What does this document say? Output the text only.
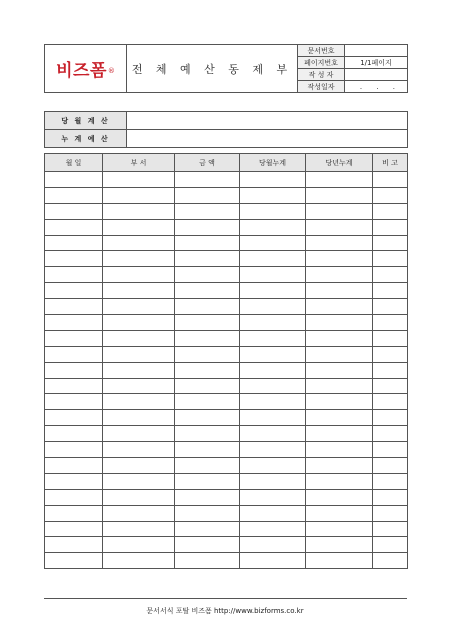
비즈폼®	전 체 예 산 동 제 부	문서번호	
		페이지번호	1/1페이지
		작 성 자	
		작성일자	. . .
당 월 계 산	
누 계 예 산	
월 일	부 서	금 액	당월누계	당년누계	비 고

문서서식 포탈 비즈폼 http://www.bizforms.co.kr
